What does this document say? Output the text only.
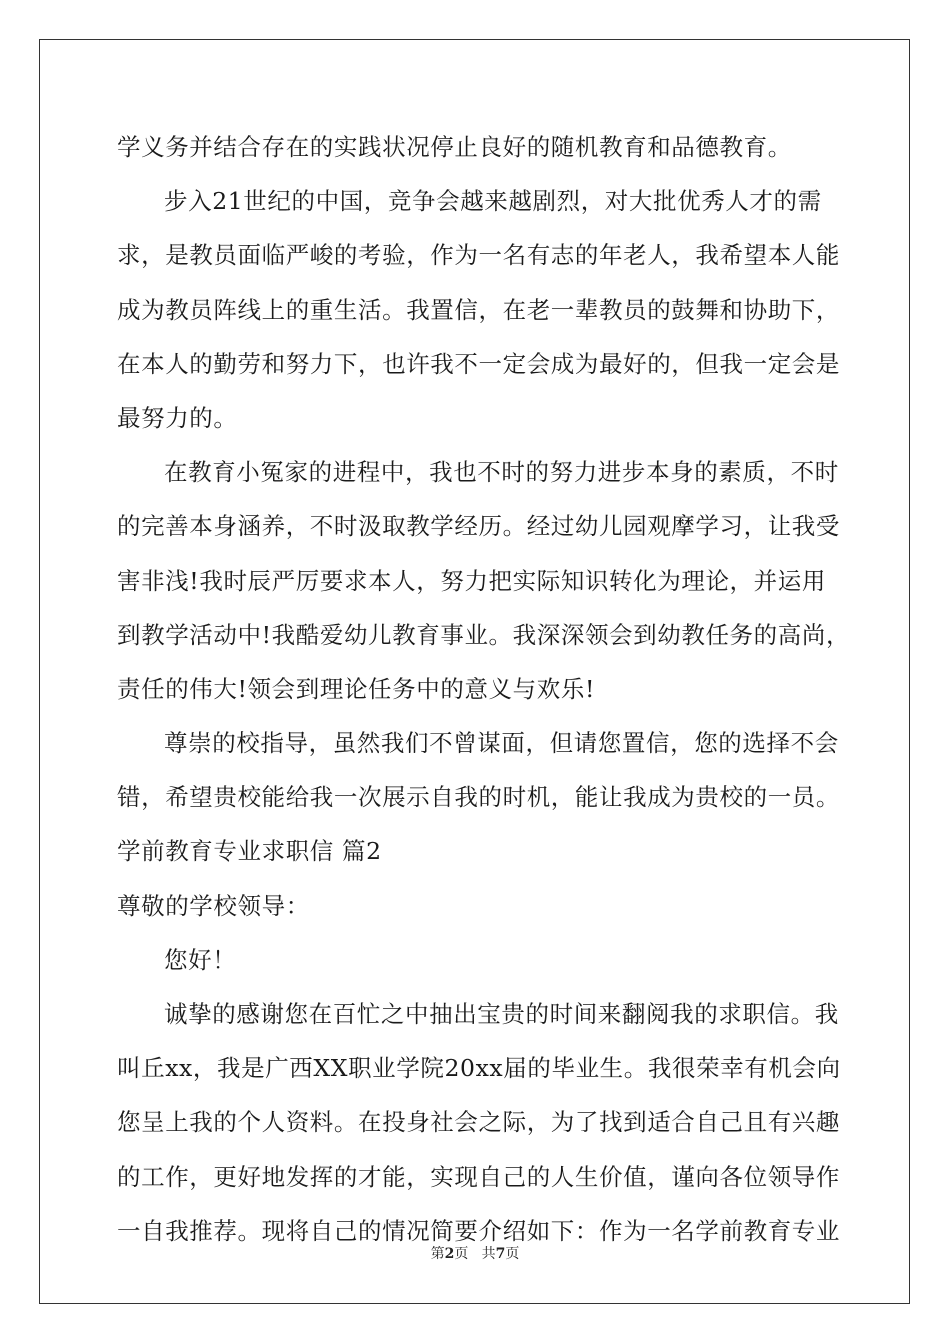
学义务并结合存在的实践状况停止良好的随机教育和品德教育。
步入21世纪的中国，竞争会越来越剧烈，对大批优秀人才的需
求，是教员面临严峻的考验，作为一名有志的年老人，我希望本人能
成为教员阵线上的重生活。我置信，在老一辈教员的鼓舞和协助下，
在本人的勤劳和努力下，也许我不一定会成为最好的，但我一定会是
最努力的。
在教育小冤家的进程中，我也不时的努力进步本身的素质，不时
的完善本身涵养，不时汲取教学经历。经过幼儿园观摩学习，让我受
害非浅!我时辰严厉要求本人，努力把实际知识转化为理论，并运用
到教学活动中!我酷爱幼儿教育事业。我深深领会到幼教任务的高尚，
责任的伟大!领会到理论任务中的意义与欢乐!
尊崇的校指导，虽然我们不曾谋面，但请您置信，您的选择不会
错，希望贵校能给我一次展示自我的时机，能让我成为贵校的一员。
学前教育专业求职信 篇2
尊敬的学校领导：
您好！
诚挚的感谢您在百忙之中抽出宝贵的时间来翻阅我的求职信。我
叫丘xx，我是广西XX职业学院20xx届的毕业生。我很荣幸有机会向
您呈上我的个人资料。在投身社会之际，为了找到适合自己且有兴趣
的工作，更好地发挥的才能，实现自己的人生价值，谨向各位领导作
一自我推荐。现将自己的情况简要介绍如下：作为一名学前教育专业
第2页 共7页
